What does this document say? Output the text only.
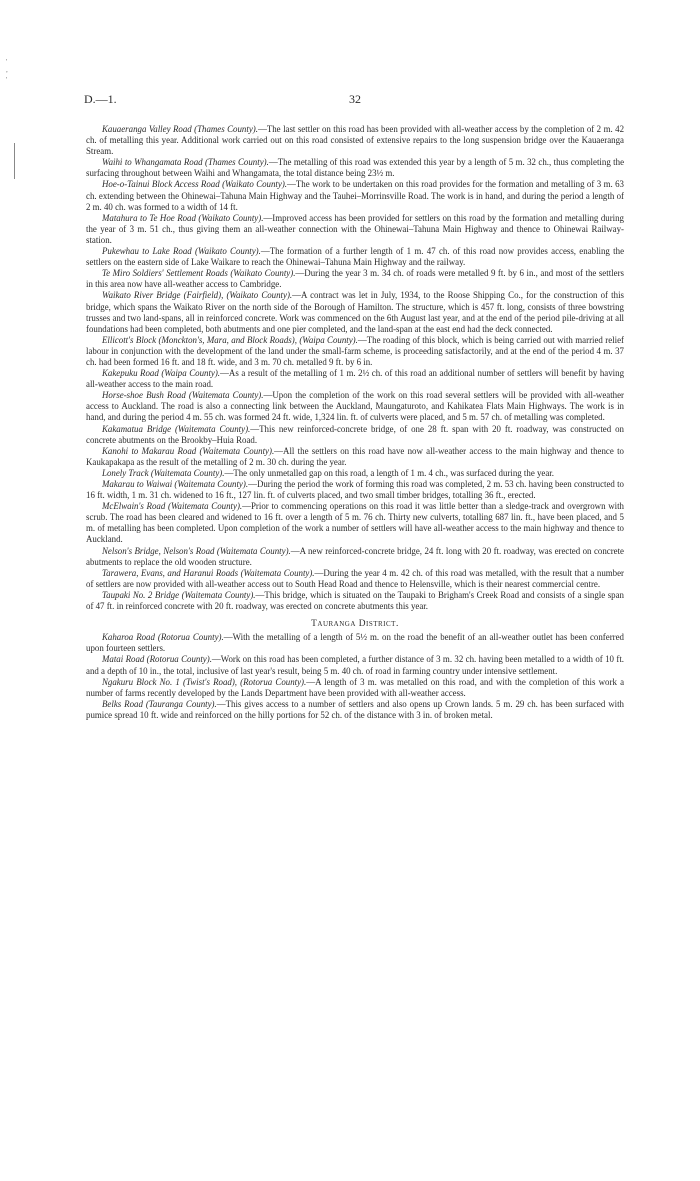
'
,
'
D.—1.	32

Kauaeranga Valley Road (Thames County).—The last settler on this road has been provided with all-weather access by the completion of 2 m. 42 ch. of metalling this year. Additional work carried out on this road consisted of extensive repairs to the long suspension bridge over the Kauaeranga Stream.

Waihi to Whangamata Road (Thames County).—The metalling of this road was extended this year by a length of 5 m. 32 ch., thus completing the surfacing throughout between Waihi and Whangamata, the total distance being 23½ m.

Hoe-o-Tainui Block Access Road (Waikato County).—The work to be undertaken on this road provides for the formation and metalling of 3 m. 63 ch. extending between the Ohinewai–Tahuna Main Highway and the Tauhei–Morrinsville Road. The work is in hand, and during the period a length of 2 m. 40 ch. was formed to a width of 14 ft.

Matahura to Te Hoe Road (Waikato County).—Improved access has been provided for settlers on this road by the formation and metalling during the year of 3 m. 51 ch., thus giving them an all-weather connection with the Ohinewai–Tahuna Main Highway and thence to Ohinewai Railway-station.

Pukewhau to Lake Road (Waikato County).—The formation of a further length of 1 m. 47 ch. of this road now provides access, enabling the settlers on the eastern side of Lake Waikare to reach the Ohinewai–Tahuna Main Highway and the railway.

Te Miro Soldiers' Settlement Roads (Waikato County).—During the year 3 m. 34 ch. of roads were metalled 9 ft. by 6 in., and most of the settlers in this area now have all-weather access to Cambridge.

Waikato River Bridge (Fairfield), (Waikato County).—A contract was let in July, 1934, to the Roose Shipping Co., for the construction of this bridge, which spans the Waikato River on the north side of the Borough of Hamilton. The structure, which is 457 ft. long, consists of three bowstring trusses and two land-spans, all in reinforced concrete. Work was commenced on the 6th August last year, and at the end of the period pile-driving at all foundations had been completed, both abutments and one pier completed, and the land-span at the east end had the deck connected.

Ellicott's Block (Monckton's, Mara, and Block Roads), (Waipa County).—The roading of this block, which is being carried out with married relief labour in conjunction with the development of the land under the small-farm scheme, is proceeding satisfactorily, and at the end of the period 4 m. 37 ch. had been formed 16 ft. and 18 ft. wide, and 3 m. 70 ch. metalled 9 ft. by 6 in.

Kakepuku Road (Waipa County).—As a result of the metalling of 1 m. 2½ ch. of this road an additional number of settlers will benefit by having all-weather access to the main road.

Horse-shoe Bush Road (Waitemata County).—Upon the completion of the work on this road several settlers will be provided with all-weather access to Auckland. The road is also a connecting link between the Auckland, Maungaturoto, and Kahikatea Flats Main Highways. The work is in hand, and during the period 4 m. 55 ch. was formed 24 ft. wide, 1,324 lin. ft. of culverts were placed, and 5 m. 57 ch. of metalling was completed.

Kakamatua Bridge (Waitemata County).—This new reinforced-concrete bridge, of one 28 ft. span with 20 ft. roadway, was constructed on concrete abutments on the Brookby–Huia Road.

Kanohi to Makarau Road (Waitemata County).—All the settlers on this road have now all-weather access to the main highway and thence to Kaukapakapa as the result of the metalling of 2 m. 30 ch. during the year.

Lonely Track (Waitemata County).—The only unmetalled gap on this road, a length of 1 m. 4 ch., was surfaced during the year.

Makarau to Waiwai (Waitemata County).—During the period the work of forming this road was completed, 2 m. 53 ch. having been constructed to 16 ft. width, 1 m. 31 ch. widened to 16 ft., 127 lin. ft. of culverts placed, and two small timber bridges, totalling 36 ft., erected.

McElwain's Road (Waitemata County).—Prior to commencing operations on this road it was little better than a sledge-track and overgrown with scrub. The road has been cleared and widened to 16 ft. over a length of 5 m. 76 ch. Thirty new culverts, totalling 687 lin. ft., have been placed, and 5 m. of metalling has been completed. Upon completion of the work a number of settlers will have all-weather access to the main highway and thence to Auckland.

Nelson's Bridge, Nelson's Road (Waitemata County).—A new reinforced-concrete bridge, 24 ft. long with 20 ft. roadway, was erected on concrete abutments to replace the old wooden structure.

Tarawera, Evans, and Haranui Roads (Waitemata County).—During the year 4 m. 42 ch. of this road was metalled, with the result that a number of settlers are now provided with all-weather access out to South Head Road and thence to Helensville, which is their nearest commercial centre.

Taupaki No. 2 Bridge (Waitemata County).—This bridge, which is situated on the Taupaki to Brigham's Creek Road and consists of a single span of 47 ft. in reinforced concrete with 20 ft. roadway, was erected on concrete abutments this year.

Tauranga District.

Kaharoa Road (Rotorua County).—With the metalling of a length of 5½ m. on the road the benefit of an all-weather outlet has been conferred upon fourteen settlers.

Matai Road (Rotorua County).—Work on this road has been completed, a further distance of 3 m. 32 ch. having been metalled to a width of 10 ft. and a depth of 10 in., the total, inclusive of last year's result, being 5 m. 40 ch. of road in farming country under intensive settlement.

Ngakuru Block No. 1 (Twist's Road), (Rotorua County).—A length of 3 m. was metalled on this road, and with the completion of this work a number of farms recently developed by the Lands Department have been provided with all-weather access.

Belks Road (Tauranga County).—This gives access to a number of settlers and also opens up Crown lands. 5 m. 29 ch. has been surfaced with pumice spread 10 ft. wide and reinforced on the hilly portions for 52 ch. of the distance with 3 in. of broken metal.
